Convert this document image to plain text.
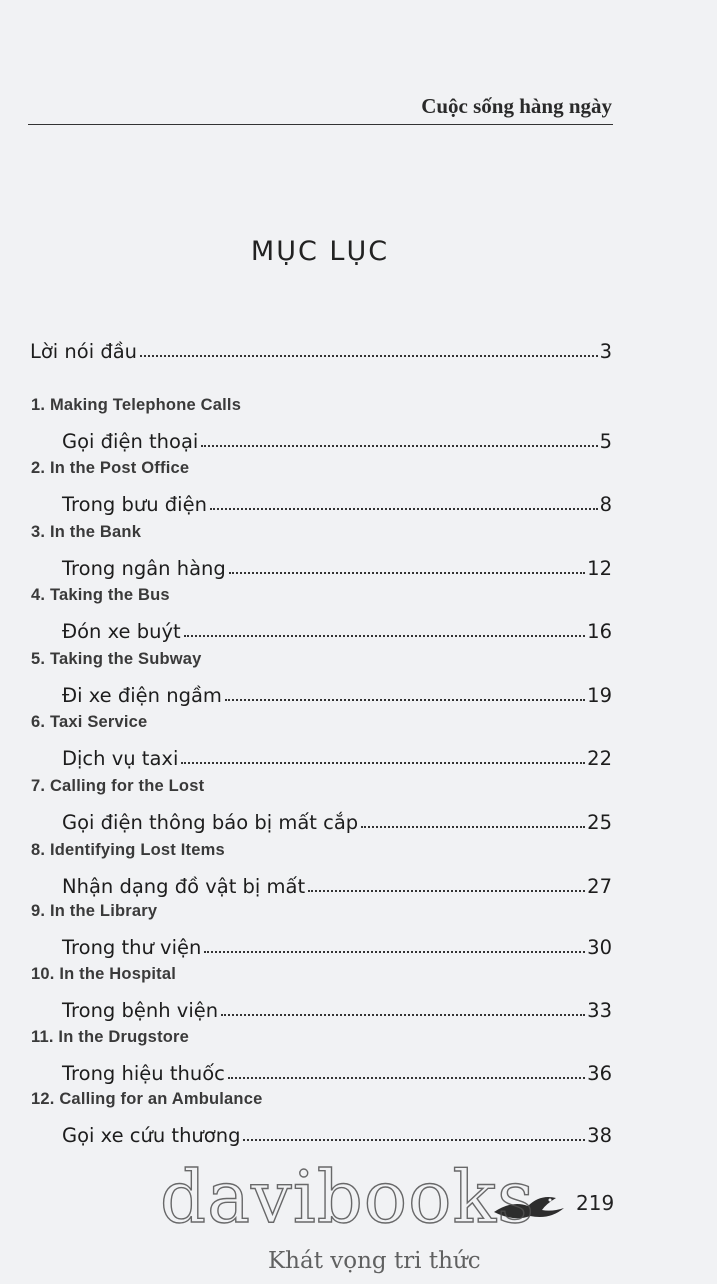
Cuộc sống hàng ngày
MỤC LỤC
Lời nói đầu	3
1. Making Telephone Calls
Gọi điện thoại	5
2. In the Post Office
Trong bưu điện	8
3. In the Bank
Trong ngân hàng	12
4. Taking the Bus
Đón xe buýt	16
5. Taking the Subway
Đi xe điện ngầm	19
6. Taxi Service
Dịch vụ taxi	22
7. Calling for the Lost
Gọi điện thông báo bị mất cắp	25
8. Identifying Lost Items
Nhận dạng đồ vật bị mất	27
9. In the Library
Trong thư viện	30
10. In the Hospital
Trong bệnh viện	33
11. In the Drugstore
Trong hiệu thuốc	36
12. Calling for an Ambulance
Gọi xe cứu thương	38
219
davibooks
Khát vọng tri thức
